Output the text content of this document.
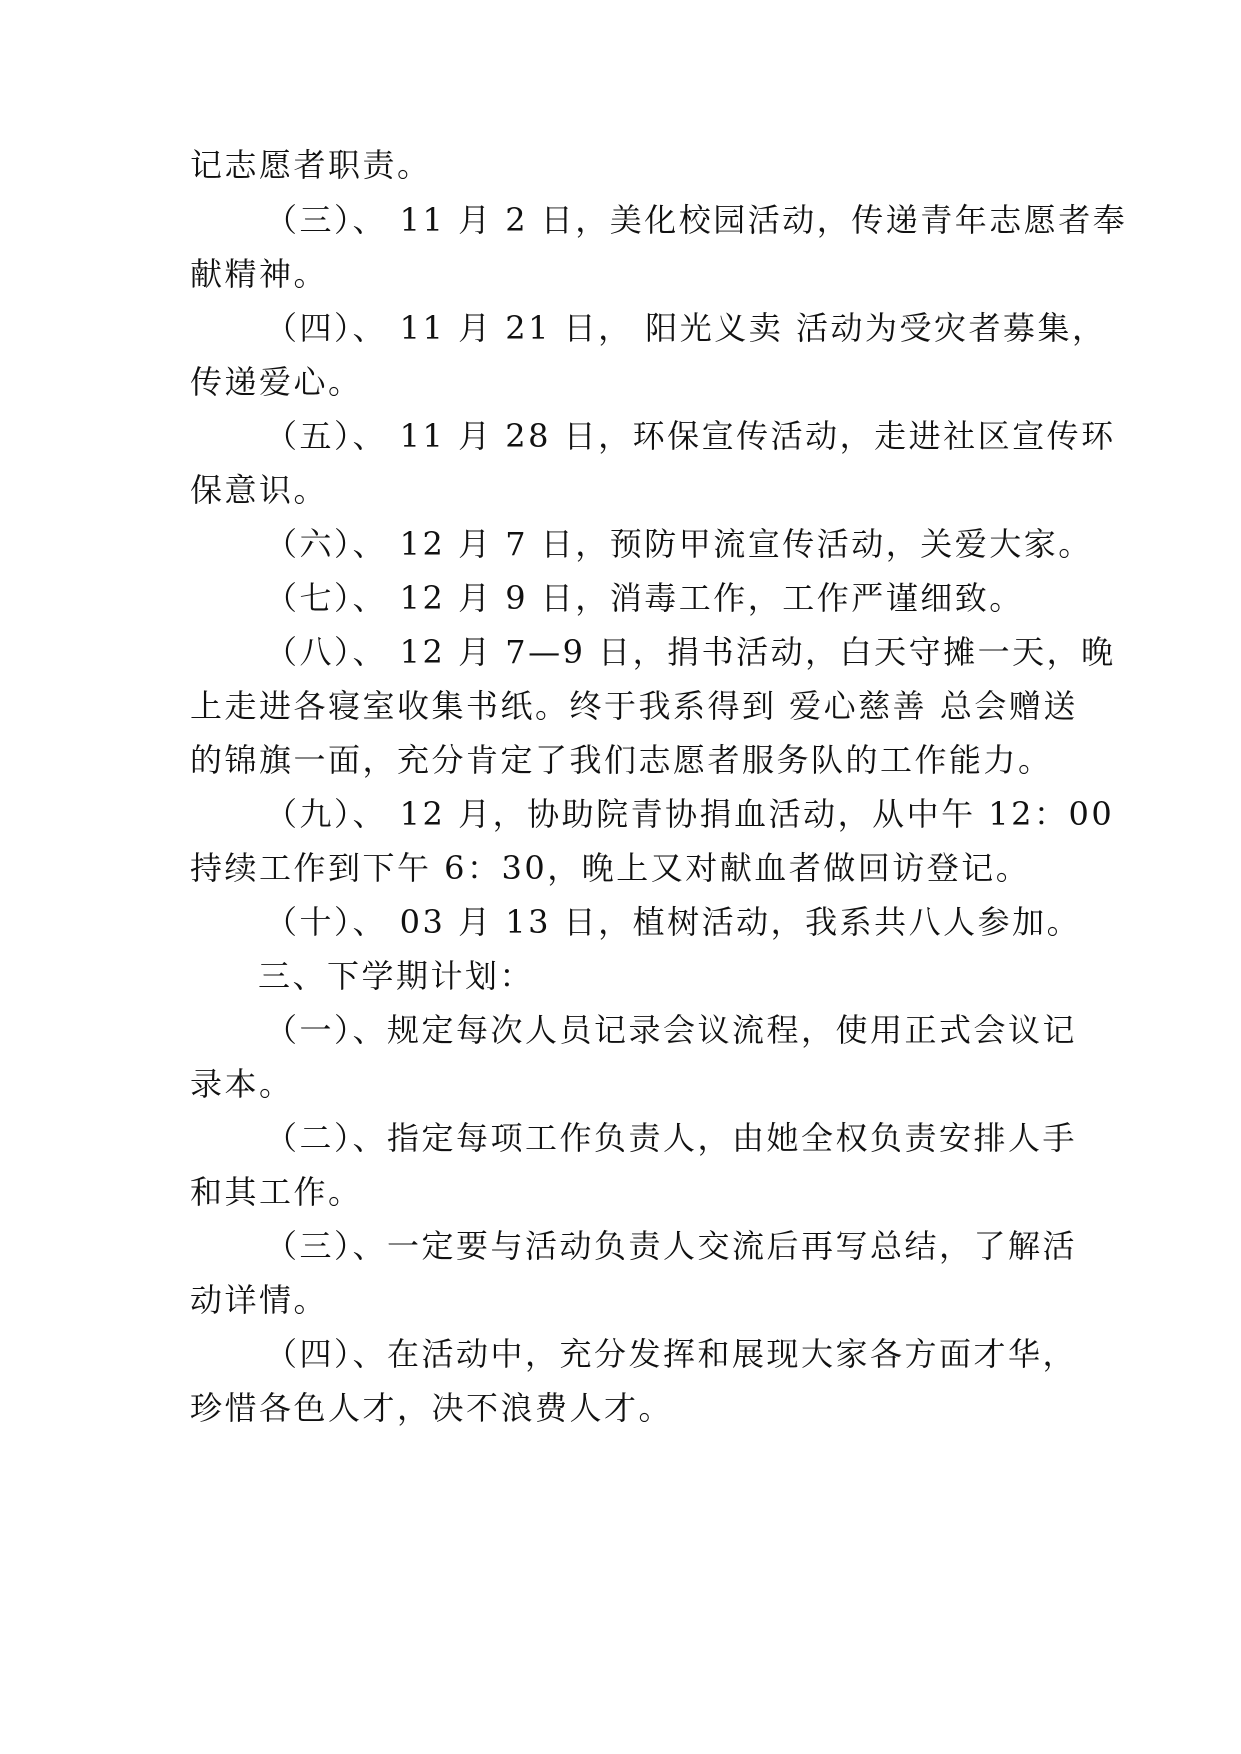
记志愿者职责。
（三）、 11 月 2 日，美化校园活动，传递青年志愿者奉
献精神。
（四）、 11 月 21 日， 阳光义卖 活动为受灾者募集，
传递爱心。
（五）、 11 月 28 日，环保宣传活动，走进社区宣传环
保意识。
（六）、 12 月 7 日，预防甲流宣传活动，关爱大家。
（七）、 12 月 9 日，消毒工作，工作严谨细致。
（八）、 12 月 7—9 日，捐书活动，白天守摊一天，晚
上走进各寝室收集书纸。终于我系得到 爱心慈善 总会赠送
的锦旗一面，充分肯定了我们志愿者服务队的工作能力。
（九）、 12 月，协助院青协捐血活动，从中午 12：00
持续工作到下午 6：30，晚上又对献血者做回访登记。
（十）、 03 月 13 日，植树活动，我系共八人参加。
三、下学期计划：
（一）、规定每次人员记录会议流程，使用正式会议记
录本。
（二）、指定每项工作负责人，由她全权负责安排人手
和其工作。
（三）、一定要与活动负责人交流后再写总结，了解活
动详情。
（四）、在活动中，充分发挥和展现大家各方面才华，
珍惜各色人才，决不浪费人才。
